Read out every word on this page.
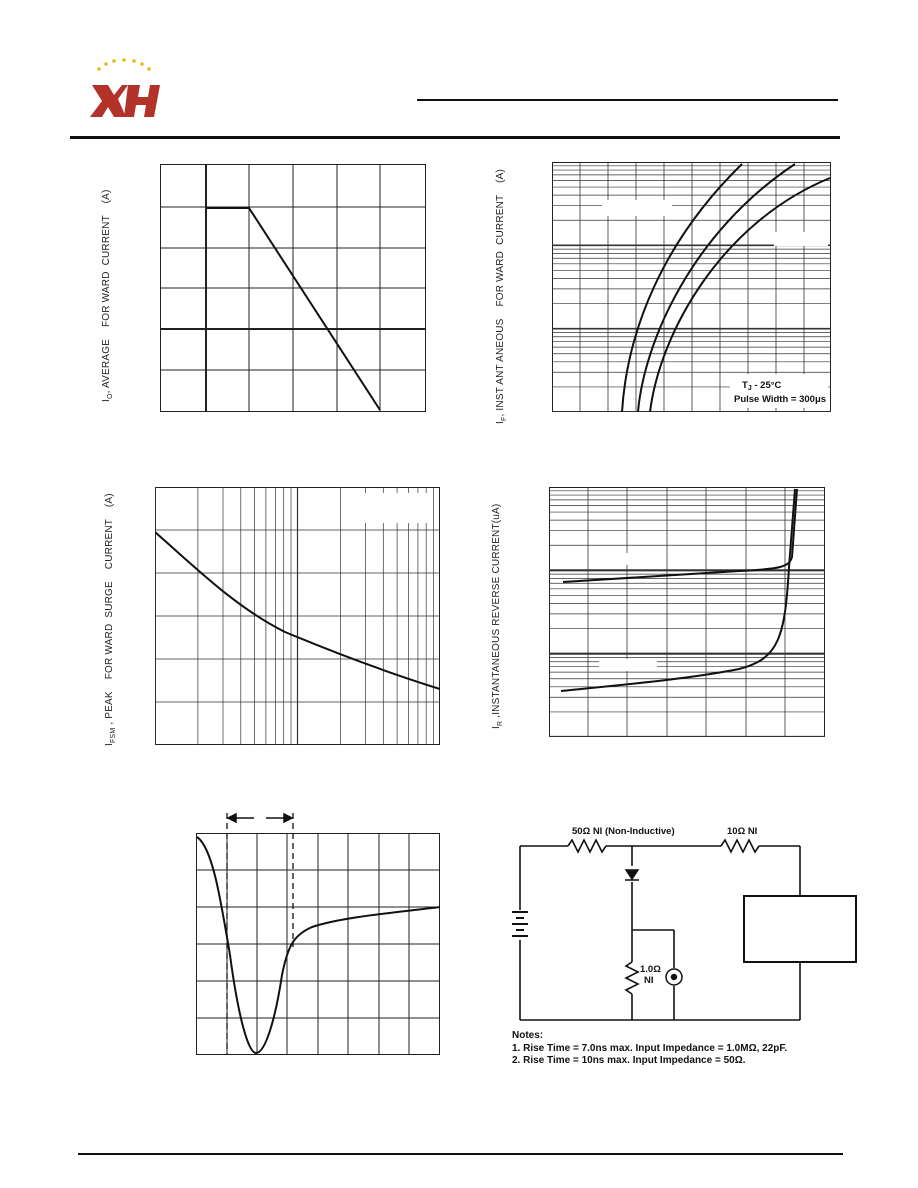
$I_O$, AVERAGE    FOR WARD  CURRENT    (A)
$I_F$, INST ANT ANEOUS    FOR WARD  CURRENT    (A)	$T_J - 25^\circ C$
Pulse Width = 300μs
$I_{FSM}$ , PEAK    FOR WARD  SURGE    CURRENT    (A)	$I_R$ ,INSTANTANEOUS REVERSE CURRENT(uA)
50Ω NI (Non-Inductive)	10Ω NI
1.0Ω
NI
Notes:
1. Rise Time = 7.0ns max. Input Impedance = 1.0MΩ, 22pF.
2. Rise Time = 10ns max. Input Impedance = 50Ω.
